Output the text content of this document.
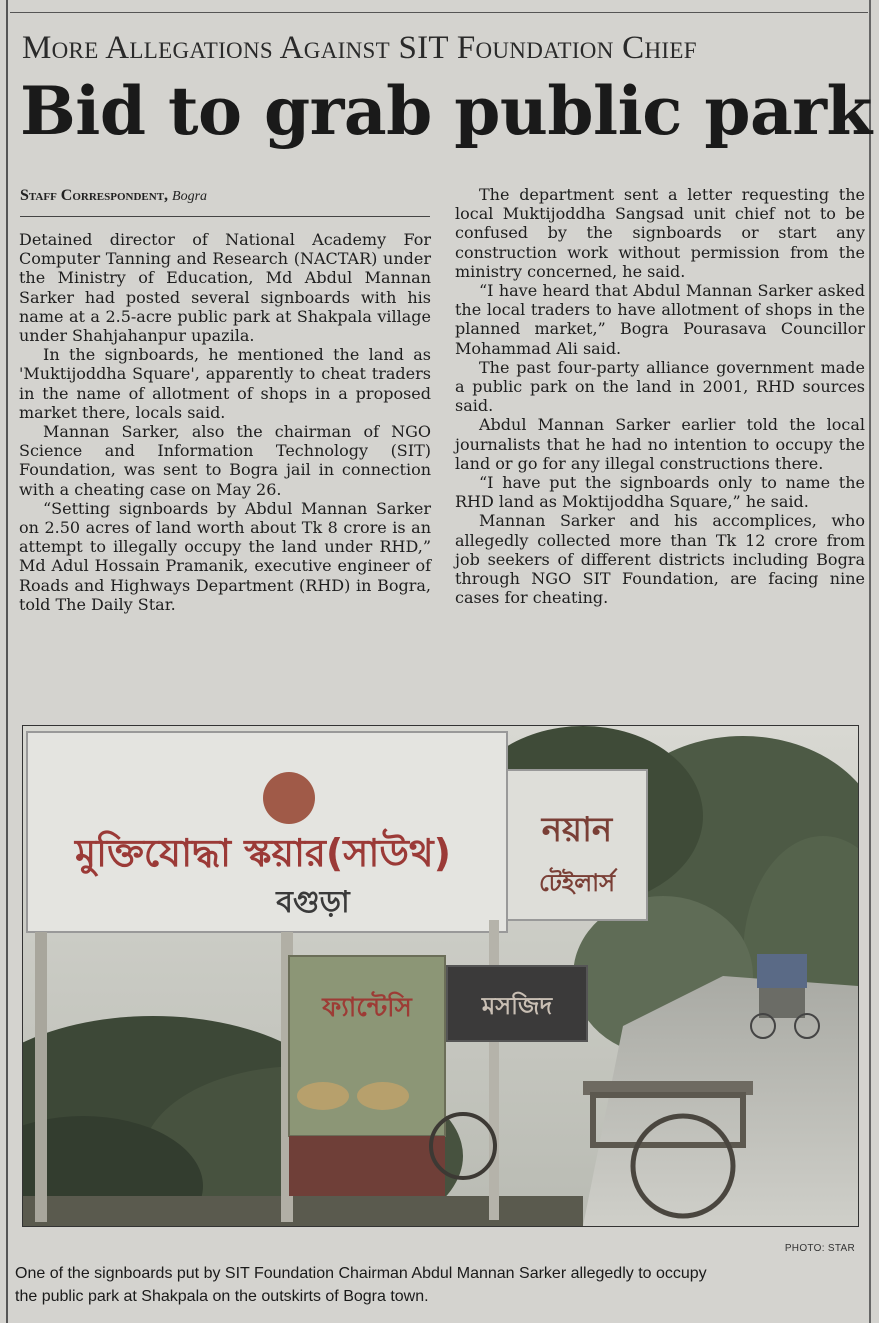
More Allegations Against SIT Foundation Chief
Bid to grab public park
Staff Correspondent, Bogra

Detained director of National Academy For Computer Tanning and Research (NACTAR) under the Ministry of Education, Md Abdul Mannan Sarker had posted several signboards with his name at a 2.5-acre public park at Shakpala village under Shahjahanpur upazila.

In the signboards, he mentioned the land as 'Muktijoddha Square', apparently to cheat traders in the name of allotment of shops in a proposed market there, locals said.

Mannan Sarker, also the chairman of NGO Science and Information Technology (SIT) Foundation, was sent to Bogra jail in connection with a cheating case on May 26.

“Setting signboards by Abdul Mannan Sarker on 2.50 acres of land worth about Tk 8 crore is an attempt to illegally occupy the land under RHD,” Md Adul Hossain Pramanik, executive engineer of Roads and Highways Department (RHD) in Bogra, told The Daily Star.

The department sent a letter requesting the local Muktijoddha Sangsad unit chief not to be confused by the signboards or start any construction work without permission from the ministry concerned, he said.

“I have heard that Abdul Mannan Sarker asked the local traders to have allotment of shops in the planned market,” Bogra Pourasava Councillor Mohammad Ali said.

The past four-party alliance government made a public park on the land in 2001, RHD sources said.

Abdul Mannan Sarker earlier told the local journalists that he had no intention to occupy the land or go for any illegal constructions there.

“I have put the signboards only to name the RHD land as Moktijoddha Square,” he said.

Mannan Sarker and his accomplices, who allegedly collected more than Tk 12 crore from job seekers of different districts including Bogra through NGO SIT Foundation, are facing nine cases for cheating.

মুক্তিযোদ্ধা স্কয়ার(সাউথ)
বগুড়া
নয়ান
টেইলার্স
ফ্যান্টেসি	মসজিদ
PHOTO: STAR
One of the signboards put by SIT Foundation Chairman Abdul Mannan Sarker allegedly to occupy
the public park at Shakpala on the outskirts of Bogra town.
